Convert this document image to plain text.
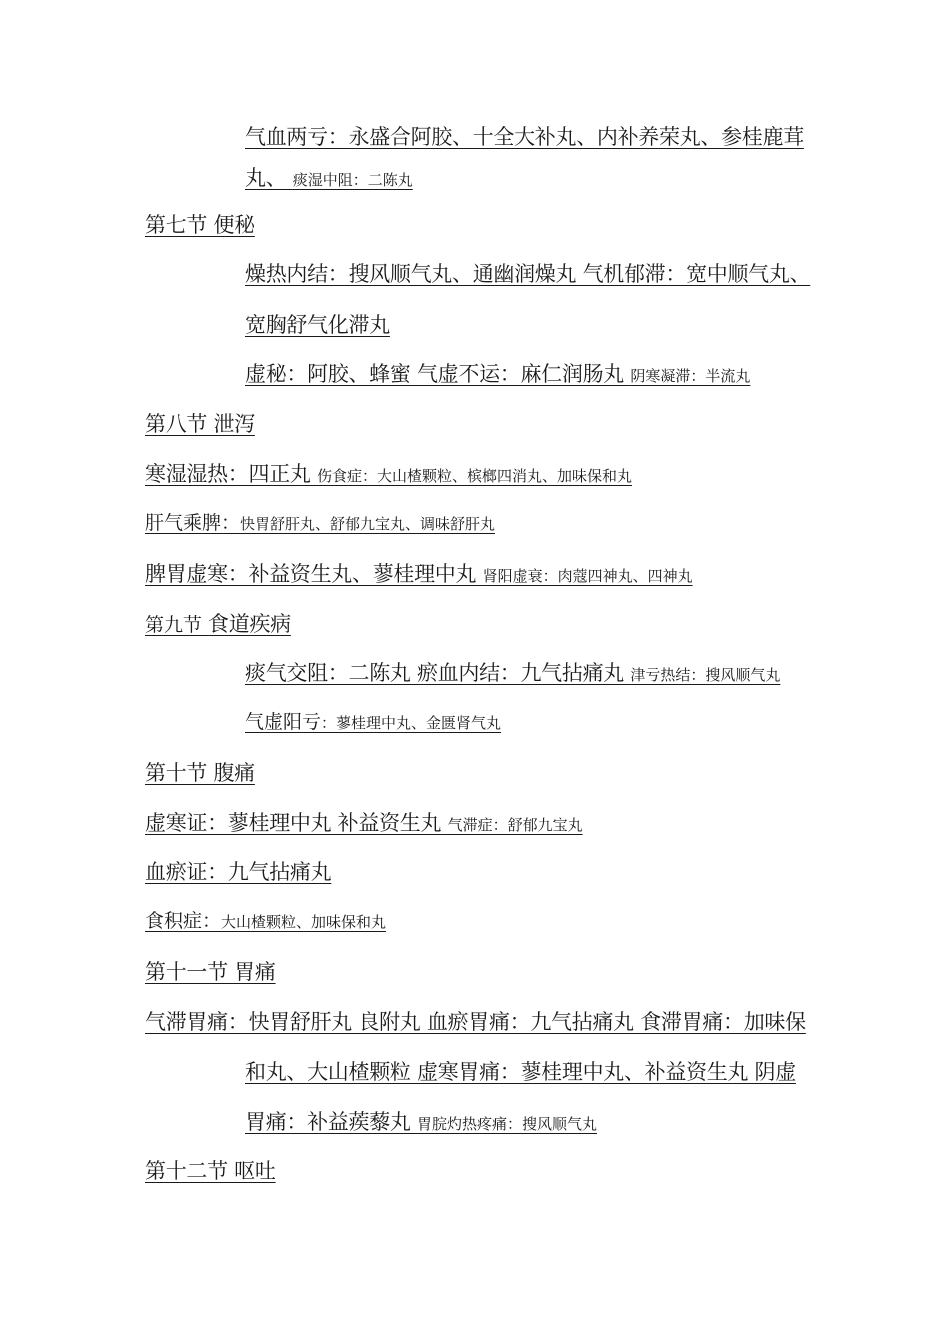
气血两亏：永盛合阿胶、十全大补丸、内补养荣丸、参桂鹿茸
丸、 痰湿中阻：二陈丸
第七节 便秘
燥热内结：搜风顺气丸、通幽润燥丸 气机郁滞：宽中顺气丸、
宽胸舒气化滞丸
虚秘：阿胶、蜂蜜 气虚不运：麻仁润肠丸 阴寒凝滞：半流丸
第八节 泄泻
寒湿湿热：四正丸 伤食症：大山楂颗粒、槟榔四消丸、加味保和丸
肝气乘脾：快胃舒肝丸、舒郁九宝丸、调味舒肝丸
脾胃虚寒：补益资生丸、蓼桂理中丸 肾阳虚衰：肉蔻四神丸、四神丸
第九节 食道疾病
痰气交阻：二陈丸 瘀血内结：九气拈痛丸 津亏热结：搜风顺气丸
气虚阳亏：蓼桂理中丸、金匮肾气丸
第十节 腹痛
虚寒证：蓼桂理中丸 补益资生丸 气滞症：舒郁九宝丸
血瘀证：九气拈痛丸
食积症：大山楂颗粒、加味保和丸
第十一节 胃痛
气滞胃痛：快胃舒肝丸 良附丸 血瘀胃痛：九气拈痛丸 食滞胃痛：加味保
和丸、大山楂颗粒 虚寒胃痛：蓼桂理中丸、补益资生丸 阴虚
胃痛：补益蒺藜丸 胃脘灼热疼痛：搜风顺气丸
第十二节 呕吐
